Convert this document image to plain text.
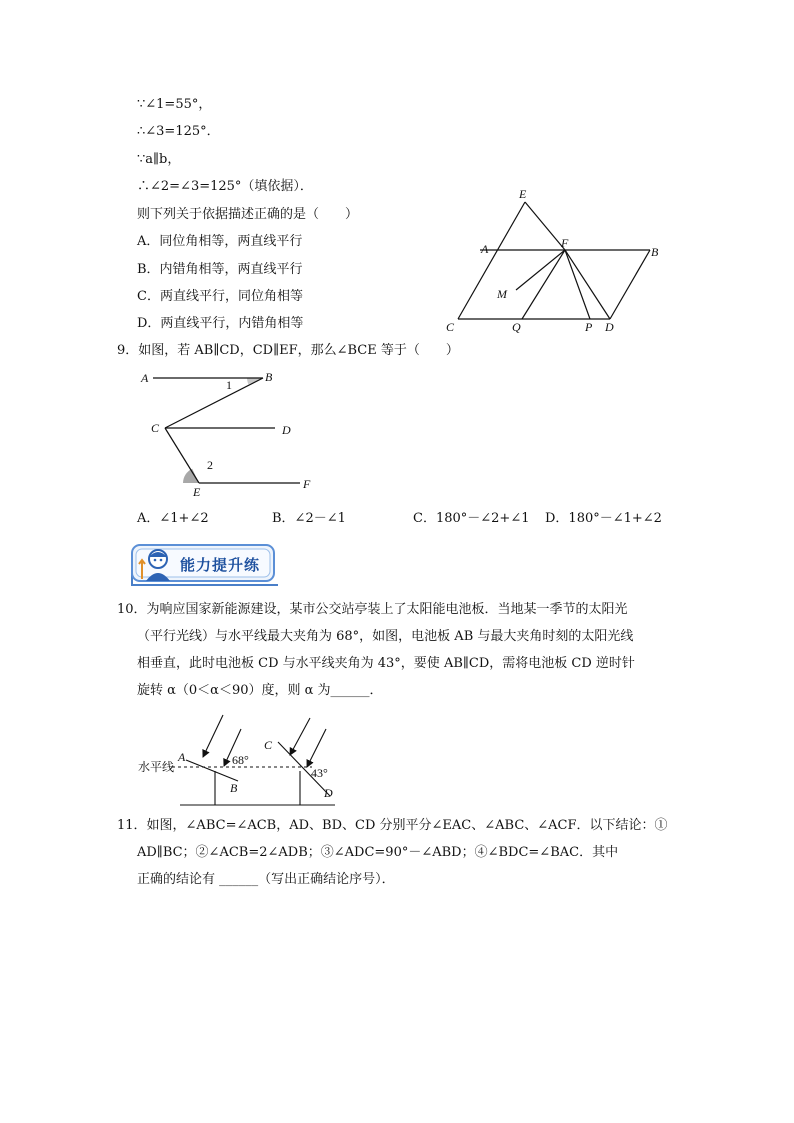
∵∠1=55°，
∴∠3=125°．
∵a∥b，
∴∠2=∠3=125°（填依据）．
则下列关于依据描述正确的是（　　）
A．同位角相等，两直线平行
B．内错角相等，两直线平行
C．两直线平行，同位角相等
D．两直线平行，内错角相等
E
A	F
B
M
C	Q	P D
9．如图，若 AB∥CD，CD∥EF，那么∠BCE 等于（　　）
A	B
1
C	D
2
E
F
A．∠1+∠2	B．∠2－∠1	C．180°－∠2+∠1 D．180°－∠1+∠2
能力提升练
10．为响应国家新能源建设，某市公交站亭装上了太阳能电池板．当地某一季节的太阳光
（平行光线）与水平线最大夹角为 68°，如图，电池板 AB 与最大夹角时刻的太阳光线
相垂直，此时电池板 CD 与水平线夹角为 43°，要使 AB∥CD，需将电池板 CD 逆时针
旋转 α（0＜α＜90）度，则 α 为______．
A	68°
B
C
43°
D
水平线
11．如图，∠ABC=∠ACB，AD、BD、CD 分别平分∠EAC、∠ABC、∠ACF．以下结论：①
AD∥BC；②∠ACB=2∠ADB；③∠ADC=90°－∠ABD；④∠BDC=∠BAC．其中
正确的结论有 ______（写出正确结论序号）．
